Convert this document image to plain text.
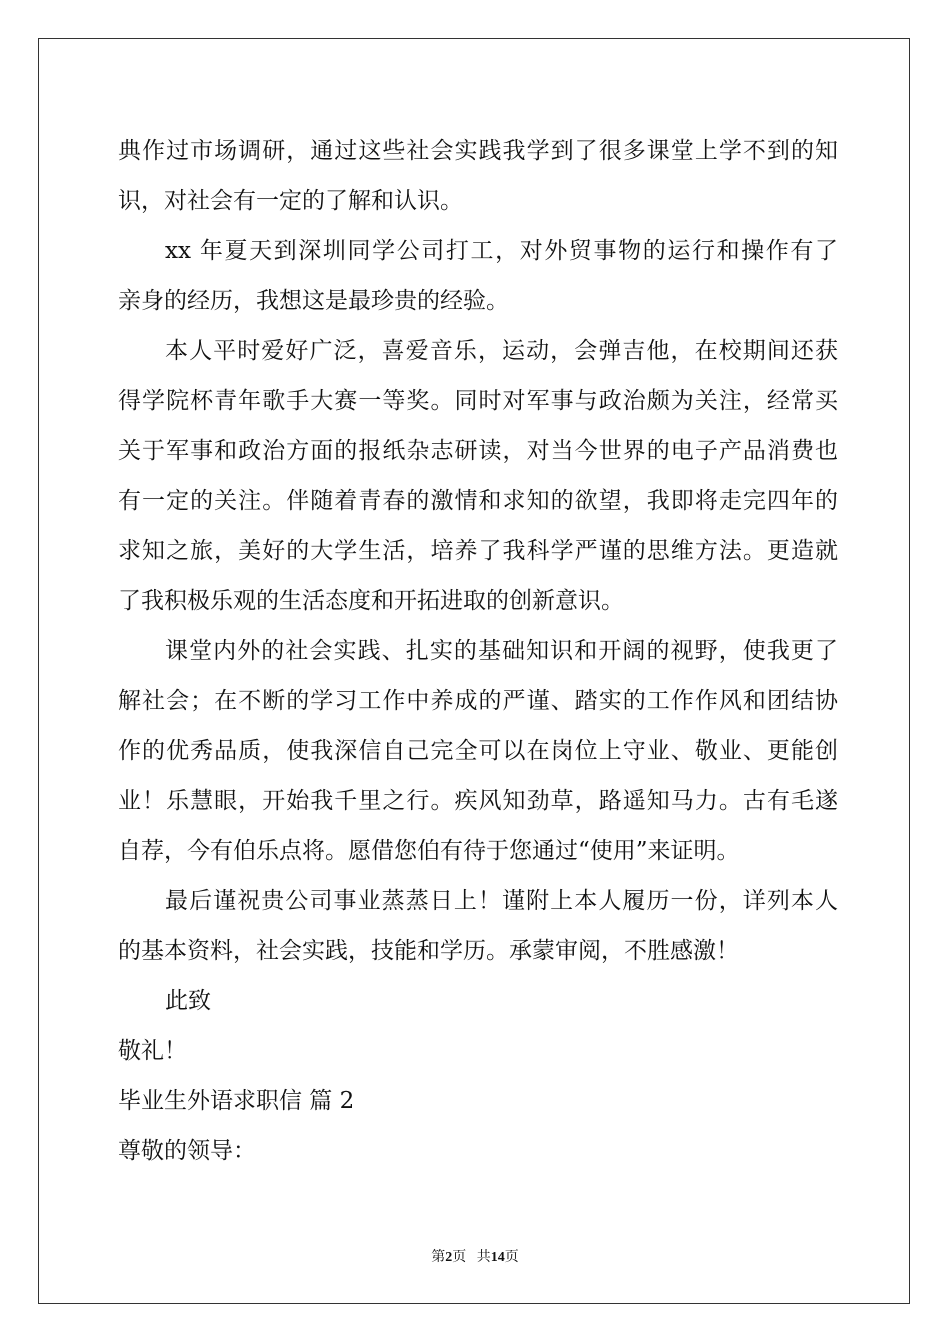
典作过市场调研，通过这些社会实践我学到了很多课堂上学不到的知
识，对社会有一定的了解和认识。
xx 年夏天到深圳同学公司打工，对外贸事物的运行和操作有了
亲身的经历，我想这是最珍贵的经验。
本人平时爱好广泛，喜爱音乐，运动，会弹吉他，在校期间还获
得学院杯青年歌手大赛一等奖。同时对军事与政治颇为关注，经常买
关于军事和政治方面的报纸杂志研读，对当今世界的电子产品消费也
有一定的关注。伴随着青春的激情和求知的欲望，我即将走完四年的
求知之旅，美好的大学生活，培养了我科学严谨的思维方法。更造就
了我积极乐观的生活态度和开拓进取的创新意识。
课堂内外的社会实践、扎实的基础知识和开阔的视野，使我更了
解社会；在不断的学习工作中养成的严谨、踏实的工作作风和团结协
作的优秀品质，使我深信自己完全可以在岗位上守业、敬业、更能创
业！乐慧眼，开始我千里之行。疾风知劲草，路遥知马力。古有毛遂
自荐，今有伯乐点将。愿借您伯有待于您通过“使用”来证明。
最后谨祝贵公司事业蒸蒸日上！谨附上本人履历一份，详列本人
的基本资料，社会实践，技能和学历。承蒙审阅，不胜感激！
此致
敬礼！
毕业生外语求职信 篇 2
尊敬的领导：
第2页 共14页
